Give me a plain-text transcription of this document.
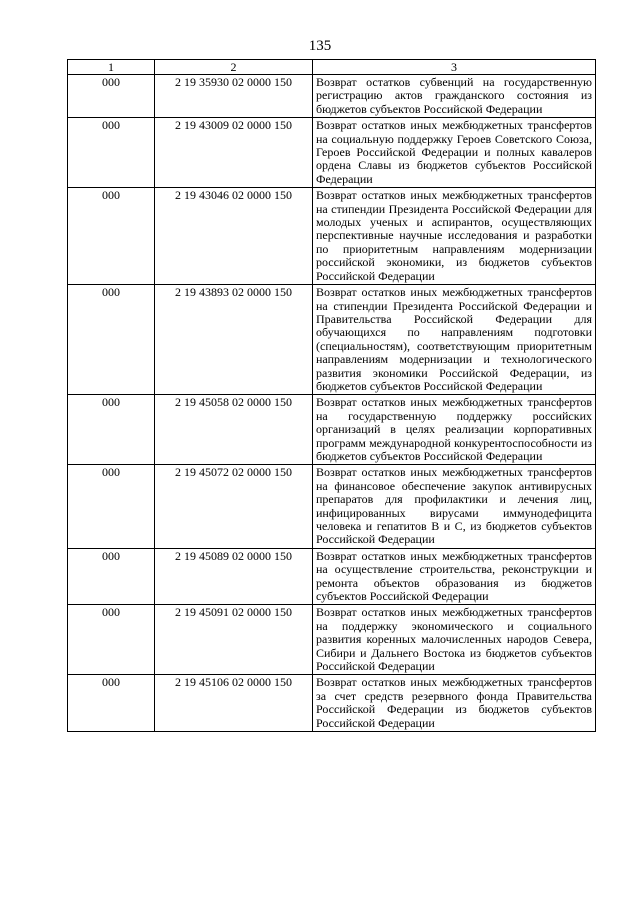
135
1	2	3
000	2 19 35930 02 0000 150	Возврат остатков субвенций на государственную регистрацию актов гражданского состояния из бюджетов субъектов Российской Федерации
000	2 19 43009 02 0000 150	Возврат остатков иных межбюджетных трансфертов на социальную поддержку Героев Советского Союза, Героев Российской Федерации и полных кавалеров ордена Славы из бюджетов субъектов Российской Федерации
000	2 19 43046 02 0000 150	Возврат остатков иных межбюджетных трансфертов на стипендии Президента Российской Федерации для молодых ученых и аспирантов, осуществляющих перспективные научные исследования и разработки по приоритетным направлениям модернизации российской экономики, из бюджетов субъектов Российской Федерации
000	2 19 43893 02 0000 150	Возврат остатков иных межбюджетных трансфертов на стипендии Президента Российской Федерации и Правительства Российской Федерации для обучающихся по направлениям подготовки (специальностям), соответствующим приоритетным направлениям модернизации и технологического развития экономики Российской Федерации, из бюджетов субъектов Российской Федерации
000	2 19 45058 02 0000 150	Возврат остатков иных межбюджетных трансфертов на государственную поддержку российских организаций в целях реализации корпоративных программ международной конкурентоспособности из бюджетов субъектов Российской Федерации
000	2 19 45072 02 0000 150	Возврат остатков иных межбюджетных трансфертов на финансовое обеспечение закупок антивирусных препаратов для профилактики и лечения лиц, инфицированных вирусами иммунодефицита человека и гепатитов B и C, из бюджетов субъектов Российской Федерации
000	2 19 45089 02 0000 150	Возврат остатков иных межбюджетных трансфертов на осуществление строительства, реконструкции и ремонта объектов образования из бюджетов субъектов Российской Федерации
000	2 19 45091 02 0000 150	Возврат остатков иных межбюджетных трансфертов на поддержку экономического и социального развития коренных малочисленных народов Севера, Сибири и Дальнего Востока из бюджетов субъектов Российской Федерации
000	2 19 45106 02 0000 150	Возврат остатков иных межбюджетных трансфертов за счет средств резервного фонда Правительства Российской Федерации из бюджетов субъектов Российской Федерации
